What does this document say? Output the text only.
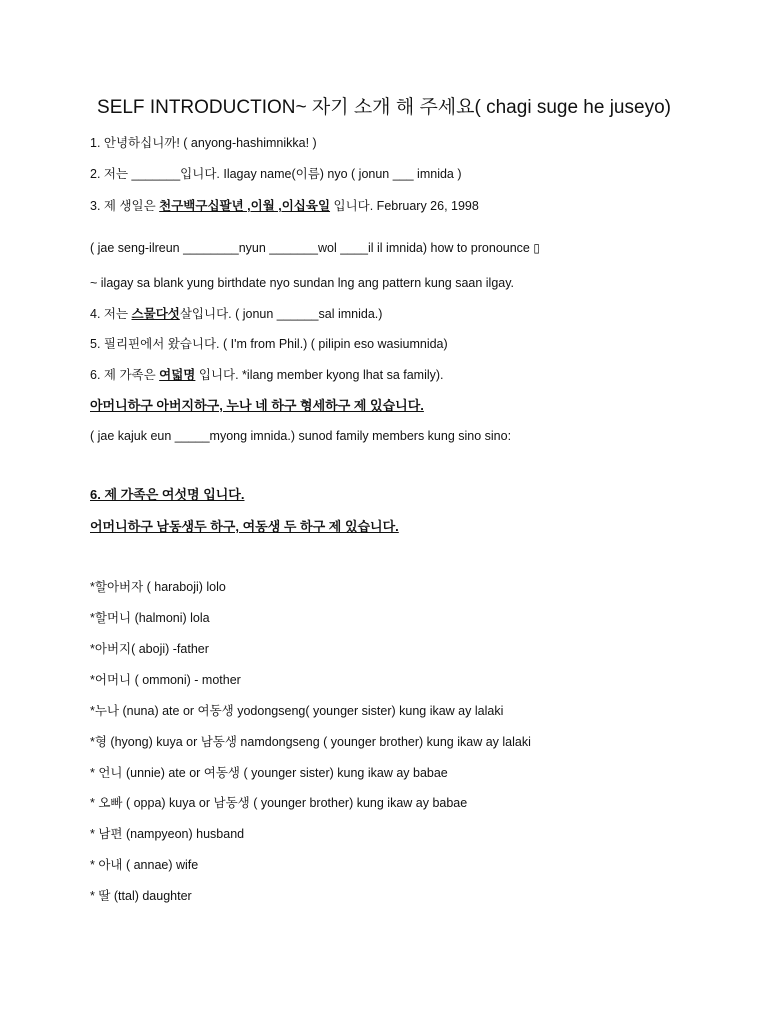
SELF INTRODUCTION~ 자기 소개 해 주세요( chagi suge he juseyo)
1. 안녕하십니까! ( anyong-hashimnikka! )
2. 저는 _______입니다. Ilagay name(이름) nyo ( jonun ___ imnida )
3. 제 생일은 천구백구십팔년 ,이월 ,이십육일 입니다. February 26, 1998
( jae seng-ilreun ________nyun _______wol ____il il imnida) how to pronounce ▯
~ ilagay sa blank yung birthdate nyo sundan lng ang pattern kung saan ilgay.
4. 저는 스물다섯살입니다. ( jonun ______sal imnida.)
5. 필리핀에서 왔습니다. ( I'm from Phil.) ( pilipin eso wasiumnida)
6. 제 가족은 여덟명 입니다. *ilang member kyong lhat sa family).
아머니하구 아버지하구, 누나 네 하구 형세하구 제 있습니다.
( jae kajuk eun _____myong imnida.) sunod family members kung sino sino:
6. 제 가족은 여섯명 입니다.
어머니하구 남동생두 하구, 여동생 두 하구 제 있습니다.
*할아버자 ( haraboji) lolo
*할머니 (halmoni) lola
*아버지( aboji) -father
*어머니 ( ommoni) - mother
*누나 (nuna) ate or 여동생 yodongseng( younger sister) kung ikaw ay lalaki
*형 (hyong) kuya or 남동생 namdongseng ( younger brother) kung ikaw ay lalaki
* 언니 (unnie) ate or 여동생 ( younger sister) kung ikaw ay babae
* 오빠 ( oppa) kuya or 남동생 ( younger brother) kung ikaw ay babae
* 남편 (nampyeon) husband
* 아내 ( annae) wife
* 딸 (ttal) daughter
